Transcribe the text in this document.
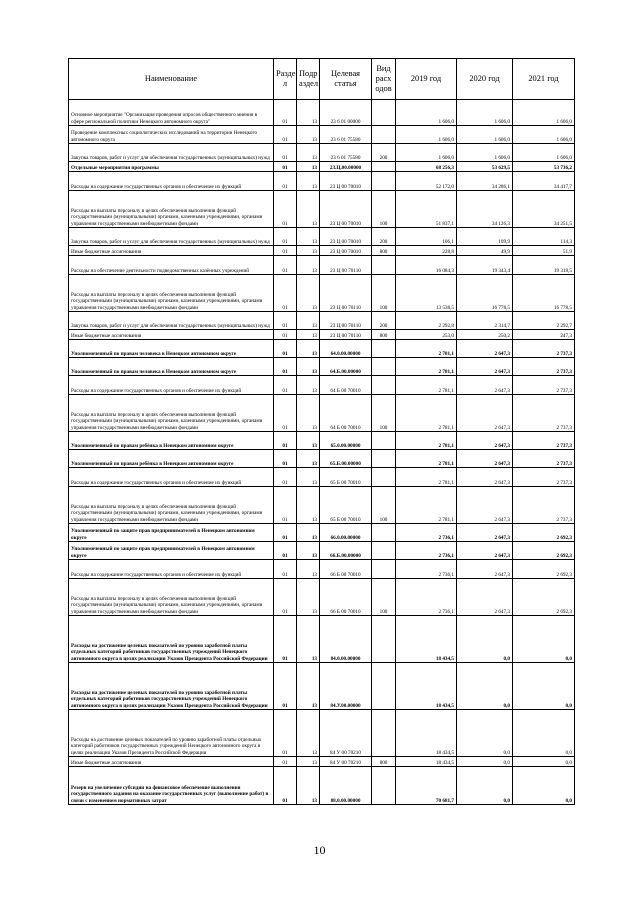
Наименование	Разде л	Подр аздел	Целевая статья	Вид расх одов	2019 год	2020 год	2021 год
Основное мероприятие "Организация проведения опросов общественного мнения в сфере региональной политики Ненецкого автономного округа"	01	13	23 6 01 00000		1 606,0	1 606,0	1 606,0
Проведение комплексных социологических исследований на территории Ненецкого автономного округа	01	13	23 6 01 75580		1 606,0	1 606,0	1 606,0
Закупка товаров, работ и услуг для обеспечения государственных (муниципальных) нужд	01	13	23 6 01 75580	200	1 606,0	1 606,0	1 606,0
Отдельные мероприятия программы	01	13	23.Ц.00.00000		68 256,3	53 629,5	53 736,2
Расходы на содержание государственных органов и обеспечение их функций	01	13	23 Ц 00 70010		52 172,0	34 286,1	34 417,7
Расходы на выплаты персоналу в целях обеспечения выполнения функций государственными (муниципальными) органами, казенными учреждениями, органами управления государственными внебюджетными фондами	01	13	23 Ц 00 70010	100	51 837,1	34 126,3	34 251,5
Закупка товаров, работ и услуг для обеспечения государственных (муниципальных) нужд	01	13	23 Ц 00 70010	200	106,1	109,9	114,3
Иные бюджетные ассигнования	01	13	23 Ц 00 70010	800	228,8	49,9	51,9
Расходы на обеспечение деятельности подведомственных казённых учреждений	01	13	23 Ц 00 70110		16 084,3	19 343,4	19 318,5
Расходы на выплаты персоналу в целях обеспечения выполнения функций государственными (муниципальными) органами, казенными учреждениями, органами управления государственными внебюджетными фондами	01	13	23 Ц 00 70110	100	13 538,5	16 778,5	16 778,5
Закупка товаров, работ и услуг для обеспечения государственных (муниципальных) нужд	01	13	23 Ц 00 70110	200	2 292,8	2 314,7	2 292,7
Иные бюджетные ассигнования	01	13	23 Ц 00 70110	800	253,0	250,2	247,3
Уполномоченный по правам человека в Ненецком автономном округе	01	13	64.0.00.00000		2 781,1	2 647,3	2 737,3
Уполномоченный по правам человека в Ненецком автономном округе	01	13	64.Б.00.00000		2 781,1	2 647,3	2 737,3
Расходы на содержание государственных органов и обеспечение их функций	01	13	64 Б 00 70010		2 781,1	2 647,3	2 737,3
Расходы на выплаты персоналу в целях обеспечения выполнения функций государственными (муниципальными) органами, казенными учреждениями, органами управления государственными внебюджетными фондами	01	13	64 Б 00 70010	100	2 781,1	2 647,3	2 737,3
Уполномоченный по правам ребёнка в Ненецком автономном округе	01	13	65.0.00.00000		2 781,1	2 647,3	2 737,3
Уполномоченный по правам ребёнка в Ненецком автономном округе	01	13	65.Б.00.00000		2 781,1	2 647,3	2 737,3
Расходы на содержание государственных органов и обеспечение их функций	01	13	65 Б 00 70010		2 781,1	2 647,3	2 737,3
Расходы на выплаты персоналу в целях обеспечения выполнения функций государственными (муниципальными) органами, казенными учреждениями, органами управления государственными внебюджетными фондами	01	13	65 Б 00 70010	100	2 781,1	2 647,3	2 737,3
Уполномоченный по защите прав предпринимателей в Ненецком автономном округе	01	13	66.0.00.00000		2 736,1	2 647,3	2 692,3
Уполномоченный по защите прав предпринимателей в Ненецком автономном округе	01	13	66.Б.00.00000		2 736,1	2 647,3	2 692,3
Расходы на содержание государственных органов и обеспечение их функций	01	13	66 Б 00 70010		2 736,1	2 647,3	2 692,3
Расходы на выплаты персоналу в целях обеспечения выполнения функций государственными (муниципальными) органами, казенными учреждениями, органами управления государственными внебюджетными фондами	01	13	66 Б 00 70010	100	2 736,1	2 647,3	2 692,3
Расходы на достижение целевых показателей по уровню заработной платы отдельных категорий работников государственных учреждений Ненецкого автономного округа в целях реализации Указов Президента Российской Федерации	01	13	84.0.00.00000		18 434,5	0,0	0,0
Расходы на достижение целевых показателей по уровню заработной платы отдельных категорий работников государственных учреждений Ненецкого автономного округа в целях реализации Указов Президента Российской Федерации	01	13	84.У.00.00000		18 434,5	0,0	0,0
Расходы на достижение целевых показателей по уровню заработной платы отдельных категорий работников государственных учреждений Ненецкого автономного округа в целях реализации Указов Президента Российской Федерации	01	13	84 У 00 70210		18 434,5	0,0	0,0
Иные бюджетные ассигнования	01	13	84 У 00 70210	800	18 434,5	0,0	0,0
Резерв на увеличение субсидии на финансовое обеспечение выполнения государственного задания на оказание государственных услуг (выполнение работ) в связи с изменением нормативных затрат	01	13	88.0.00.00000		70 681,7	0,0	0,0
10
